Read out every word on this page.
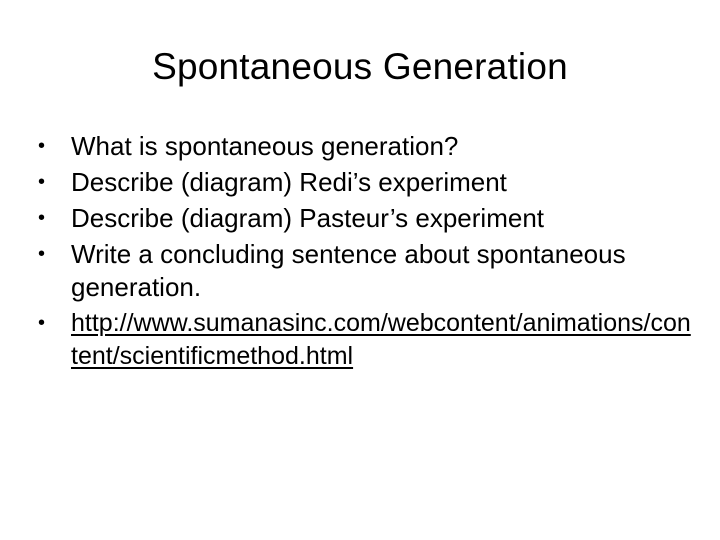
Spontaneous Generation
• What is spontaneous generation?
• Describe (diagram) Redi’s experiment
• Describe (diagram) Pasteur’s experiment
• Write a concluding sentence about spontaneous generation.
• http://www.sumanasinc.com/webcontent/animations/content/scientificmethod.html
